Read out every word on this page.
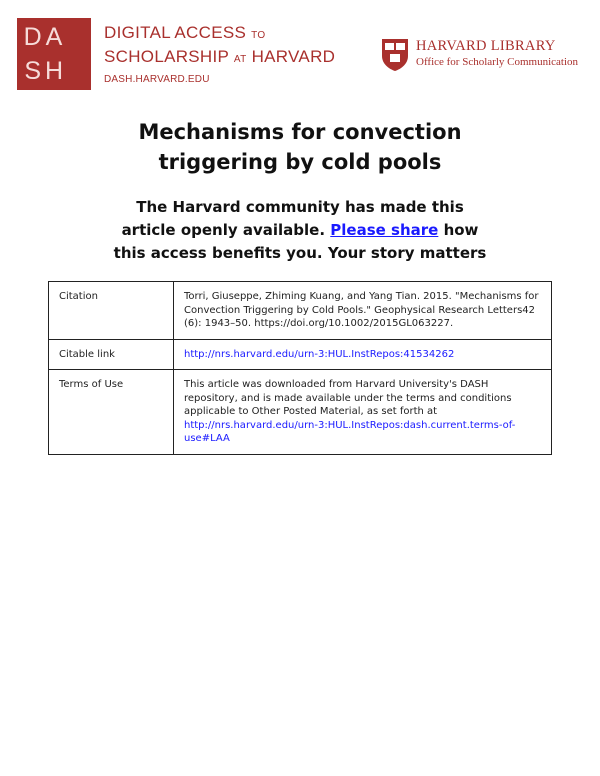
D A
S H
DIGITAL ACCESS TO
SCHOLARSHIP AT HARVARD
DASH.HARVARD.EDU
HARVARD LIBRARY
Office for Scholarly Communication
Mechanisms for convection
triggering by cold pools
The Harvard community has made this
article openly available. Please share how
this access benefits you. Your story matters
Citation	Torri, Giuseppe, Zhiming Kuang, and Yang Tian. 2015. "Mechanisms for Convection Triggering by Cold Pools." Geophysical Research Letters42 (6): 1943–50. https://doi.org/10.1002/2015GL063227.
Citable link	http://nrs.harvard.edu/urn-3:HUL.InstRepos:41534262
Terms of Use	This article was downloaded from Harvard University's DASH repository, and is made available under the terms and conditions applicable to Other Posted Material, as set forth at http://nrs.harvard.edu/urn-3:HUL.InstRepos:dash.current.terms-of-use#LAA
